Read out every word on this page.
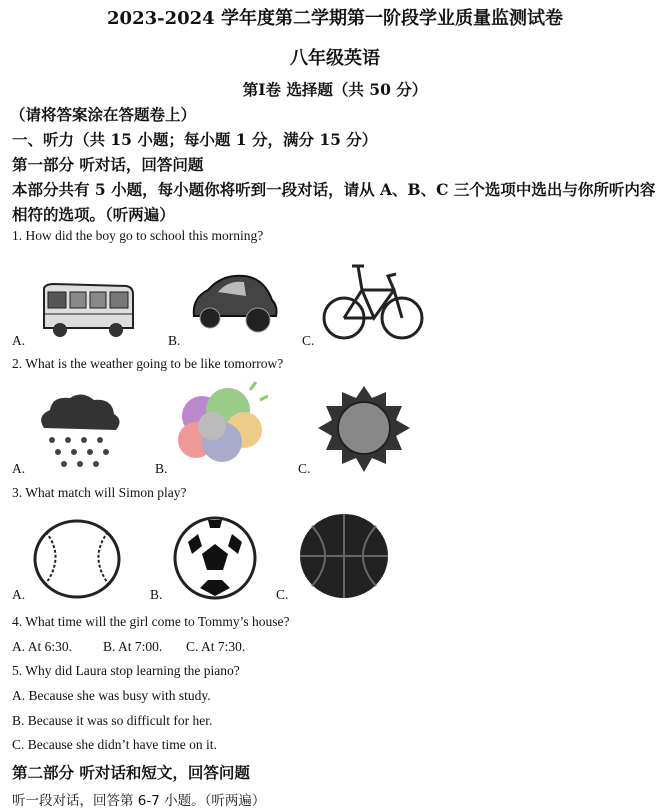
2023-2024 学年度第二学期第一阶段学业质量监测试卷
八年级英语
第Ⅰ卷 选择题（共 50 分）
（请将答案涂在答题卷上）
一、听力（共 15 小题；每小题 1 分，满分 15 分）
第一部分 听对话，回答问题
本部分共有 5 小题，每小题你将听到一段对话，请从 A、B、C 三个选项中选出与你所听内容
相符的选项。（听两遍）
1. How did the boy go to school this morning?
A.	B.	C.
2. What is the weather going to be like tomorrow?
A.	B.	C.
3. What match will Simon play?
A.	B.	C.
4. What time will the girl come to Tommy’s house?
A. At 6:30. B. At 7:00. C. At 7:30.
5. Why did Laura stop learning the piano?
A. Because she was busy with study.
B. Because it was so difficult for her.
C. Because she didn’t have time on it.
第二部分 听对话和短文，回答问题
听一段对话，回答第 6-7 小题。（听两遍）
